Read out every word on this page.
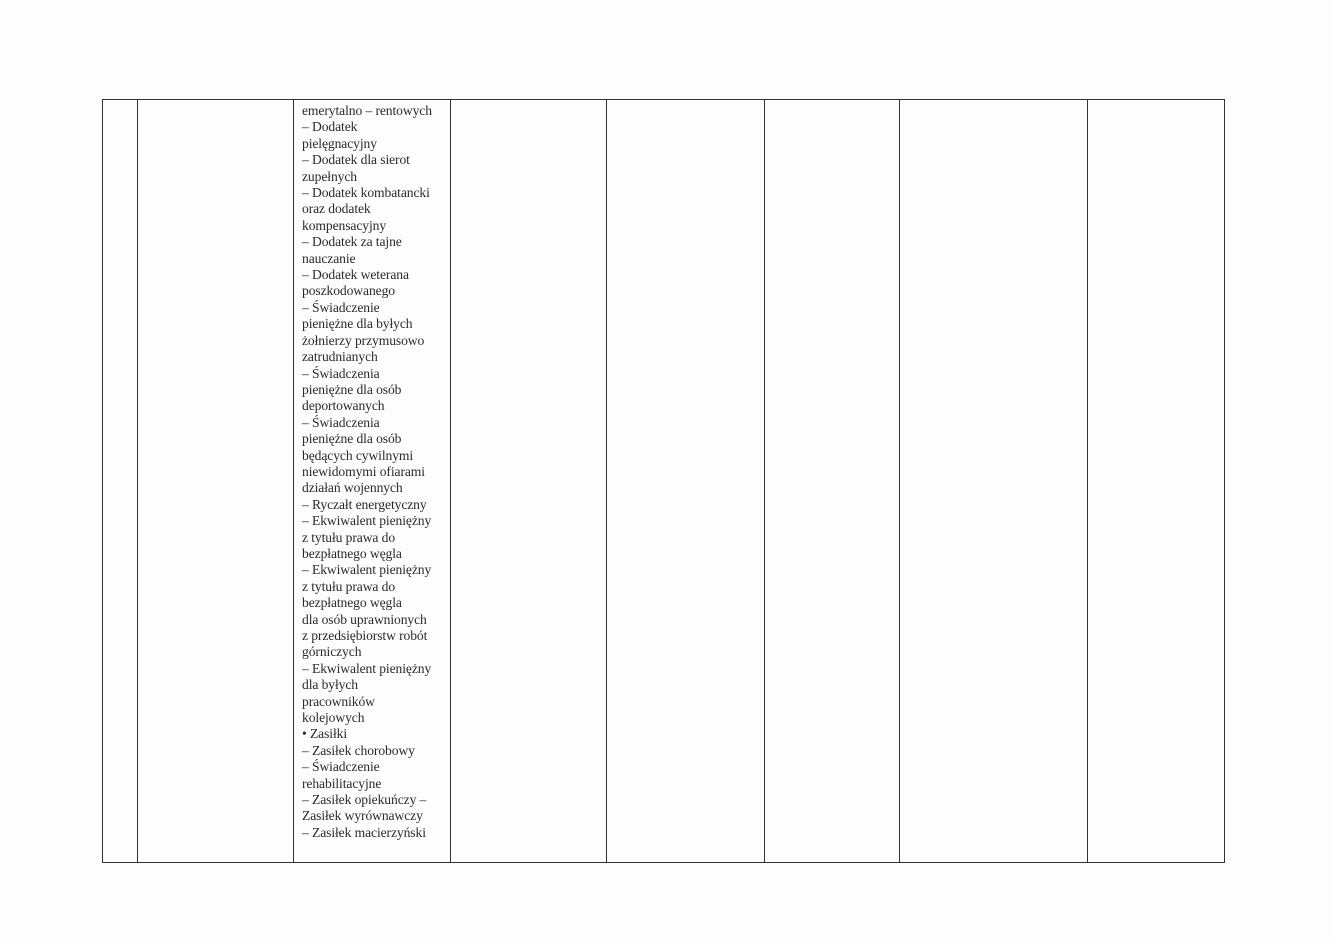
emerytalno – rentowych
– Dodatek
pielęgnacyjny
– Dodatek dla sierot
zupełnych
– Dodatek kombatancki
oraz dodatek
kompensacyjny
– Dodatek za tajne
nauczanie
– Dodatek weterana
poszkodowanego
– Świadczenie
pieniężne dla byłych
żołnierzy przymusowo
zatrudnianych
– Świadczenia
pieniężne dla osób
deportowanych
– Świadczenia
pieniężne dla osób
będących cywilnymi
niewidomymi ofiarami
działań wojennych
– Ryczałt energetyczny
– Ekwiwalent pieniężny
z tytułu prawa do
bezpłatnego węgla
– Ekwiwalent pieniężny
z tytułu prawa do
bezpłatnego węgla
dla osób uprawnionych
z przedsiębiorstw robót
górniczych
– Ekwiwalent pieniężny
dla byłych
pracowników
kolejowych
• Zasiłki
– Zasiłek chorobowy
– Świadczenie
rehabilitacyjne
– Zasiłek opiekuńczy –
Zasiłek wyrównawczy
– Zasiłek macierzyński
